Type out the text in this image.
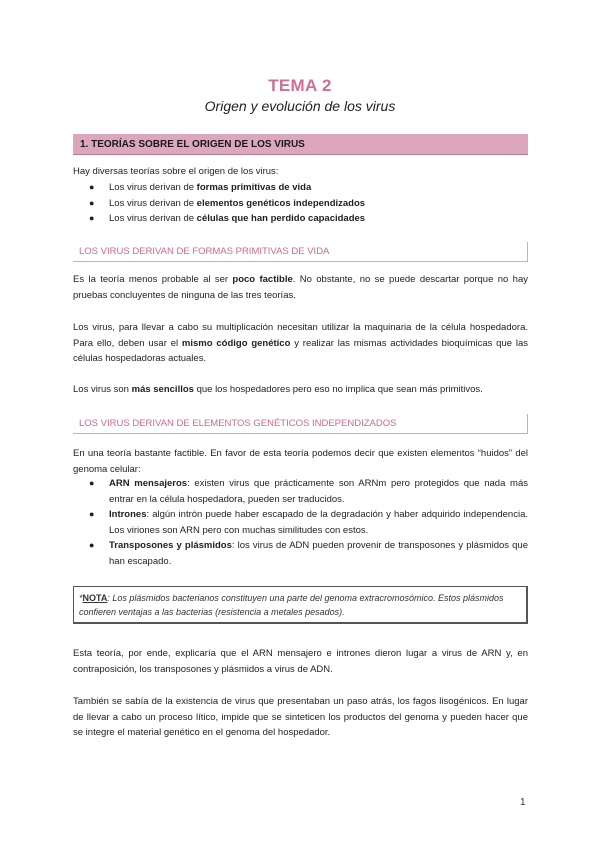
TEMA 2
Origen y evolución de los virus
1. TEORÍAS SOBRE EL ORIGEN DE LOS VIRUS
Hay diversas teorías sobre el origen de los virus:
● Los virus derivan de formas primitivas de vida
● Los virus derivan de elementos genéticos independizados
● Los virus derivan de células que han perdido capacidades
LOS VIRUS DERIVAN DE FORMAS PRIMITIVAS DE VIDA
Es la teoría menos probable al ser poco factible. No obstante, no se puede descartar porque no hay pruebas concluyentes de ninguna de las tres teorías.
Los virus, para llevar a cabo su multiplicación necesitan utilizar la maquinaria de la célula hospedadora. Para ello, deben usar el mismo código genético y realizar las mismas actividades bioquímicas que las células hospedadoras actuales.
Los virus son más sencillos que los hospedadores pero eso no implica que sean más primitivos.
LOS VIRUS DERIVAN DE ELEMENTOS GENÉTICOS INDEPENDIZADOS
En una teoría bastante factible. En favor de esta teoría podemos decir que existen elementos “huidos” del genoma celular:
● ARN mensajeros: existen virus que prácticamente son ARNm pero protegidos que nada más entrar en la célula hospedadora, pueden ser traducidos.
● Intrones: algún intrón puede haber escapado de la degradación y haber adquirido independencia. Los viriones son ARN pero con muchas similitudes con estos.
● Transposones y plásmidos: los virus de ADN pueden provenir de transposones y plásmidos que han escapado.
*NOTA: Los plásmidos bacterianos constituyen una parte del genoma extracromosómico. Estos plásmidos confieren ventajas a las bacterias (resistencia a metales pesados).
Esta teoría, por ende, explicaría que el ARN mensajero e intrones dieron lugar a virus de ARN y, en contraposición, los transposones y plásmidos a virus de ADN.
También se sabía de la existencia de virus que presentaban un paso atrás, los fagos lisogénicos. En lugar de llevar a cabo un proceso lítico, impide que se sinteticen los productos del genoma y pueden hacer que se integre el material genético en el genoma del hospedador.
1
